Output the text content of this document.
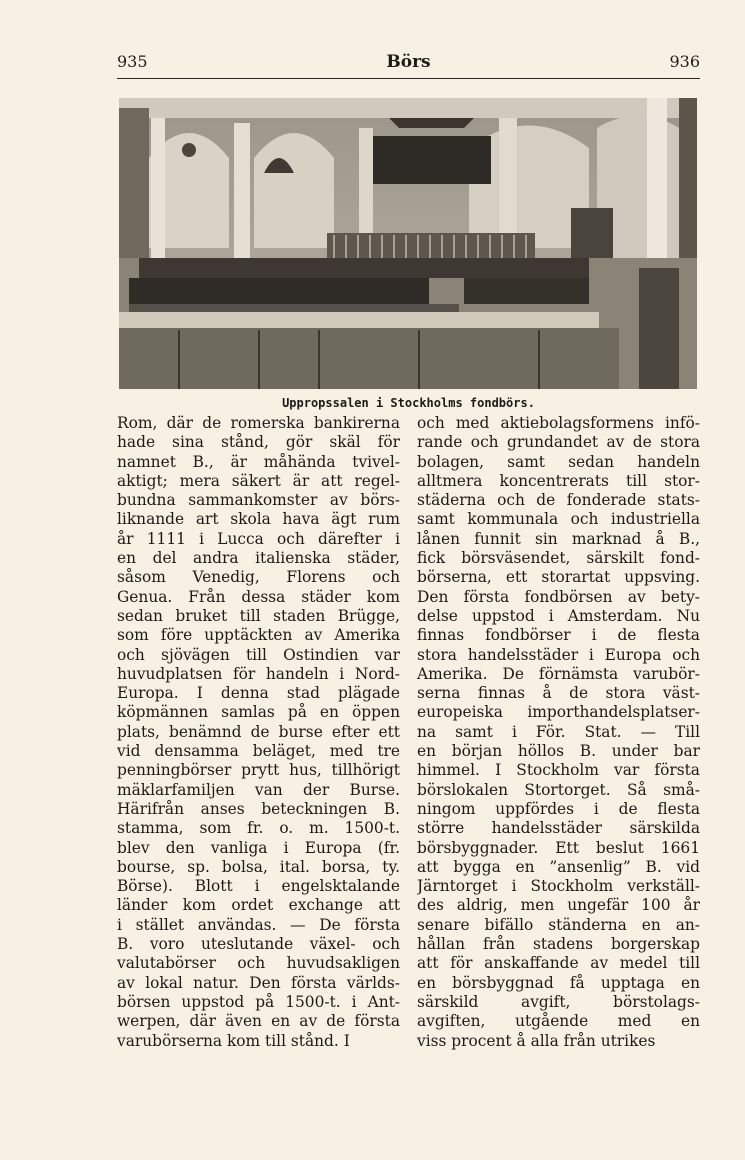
935	Börs	936
Uppropssalen i Stockholms fondbörs.
Rom, där de romerska bankirerna
hade sina stånd, gör skäl för
namnet B., är måhända tvivel-
aktigt; mera säkert är att regel-
bundna sammankomster av börs-
liknande art skola hava ägt rum
år 1111 i Lucca och därefter i
en del andra italienska städer,
såsom Venedig, Florens och
Genua. Från dessa städer kom
sedan bruket till staden Brügge,
som före upptäckten av Amerika
och sjövägen till Ostindien var
huvudplatsen för handeln i Nord-
Europa. I denna stad plägade
köpmännen samlas på en öppen
plats, benämnd de burse efter ett
vid densamma beläget, med tre
penningbörser prytt hus, tillhörigt
mäklarfamiljen van der Burse.
Härifrån anses beteckningen B.
stamma, som fr. o. m. 1500-t.
blev den vanliga i Europa (fr.
bourse, sp. bolsa, ital. borsa, ty.
Börse). Blott i engelsktalande
länder kom ordet exchange att
i stället användas. — De första
B. voro uteslutande växel- och
valutabörser och huvudsakligen
av lokal natur. Den första världs-
börsen uppstod på 1500-t. i Ant-
werpen, där även en av de första
varubörserna kom till stånd. I
och med aktiebolagsformens infö-
rande och grundandet av de stora
bolagen, samt sedan handeln
alltmera koncentrerats till stor-
städerna och de fonderade stats-
samt kommunala och industriella
lånen funnit sin marknad å B.,
fick börsväsendet, särskilt fond-
börserna, ett storartat uppsving.
Den första fondbörsen av bety-
delse uppstod i Amsterdam. Nu
finnas fondbörser i de flesta
stora handelsstäder i Europa och
Amerika. De förnämsta varubör-
serna finnas å de stora väst-
europeiska importhandelsplatser-
na samt i För. Stat. — Till
en början höllos B. under bar
himmel. I Stockholm var första
börslokalen Stortorget. Så små-
ningom uppfördes i de flesta
större handelsstäder särskilda
börsbyggnader. Ett beslut 1661
att bygga en ”ansenlig” B. vid
Järntorget i Stockholm verkställ-
des aldrig, men ungefär 100 år
senare bifällo ständerna en an-
hållan från stadens borgerskap
att för anskaffande av medel till
en börsbyggnad få upptaga en
särskild avgift, börstolags-
avgiften, utgående med en
viss procent å alla från utrikes
